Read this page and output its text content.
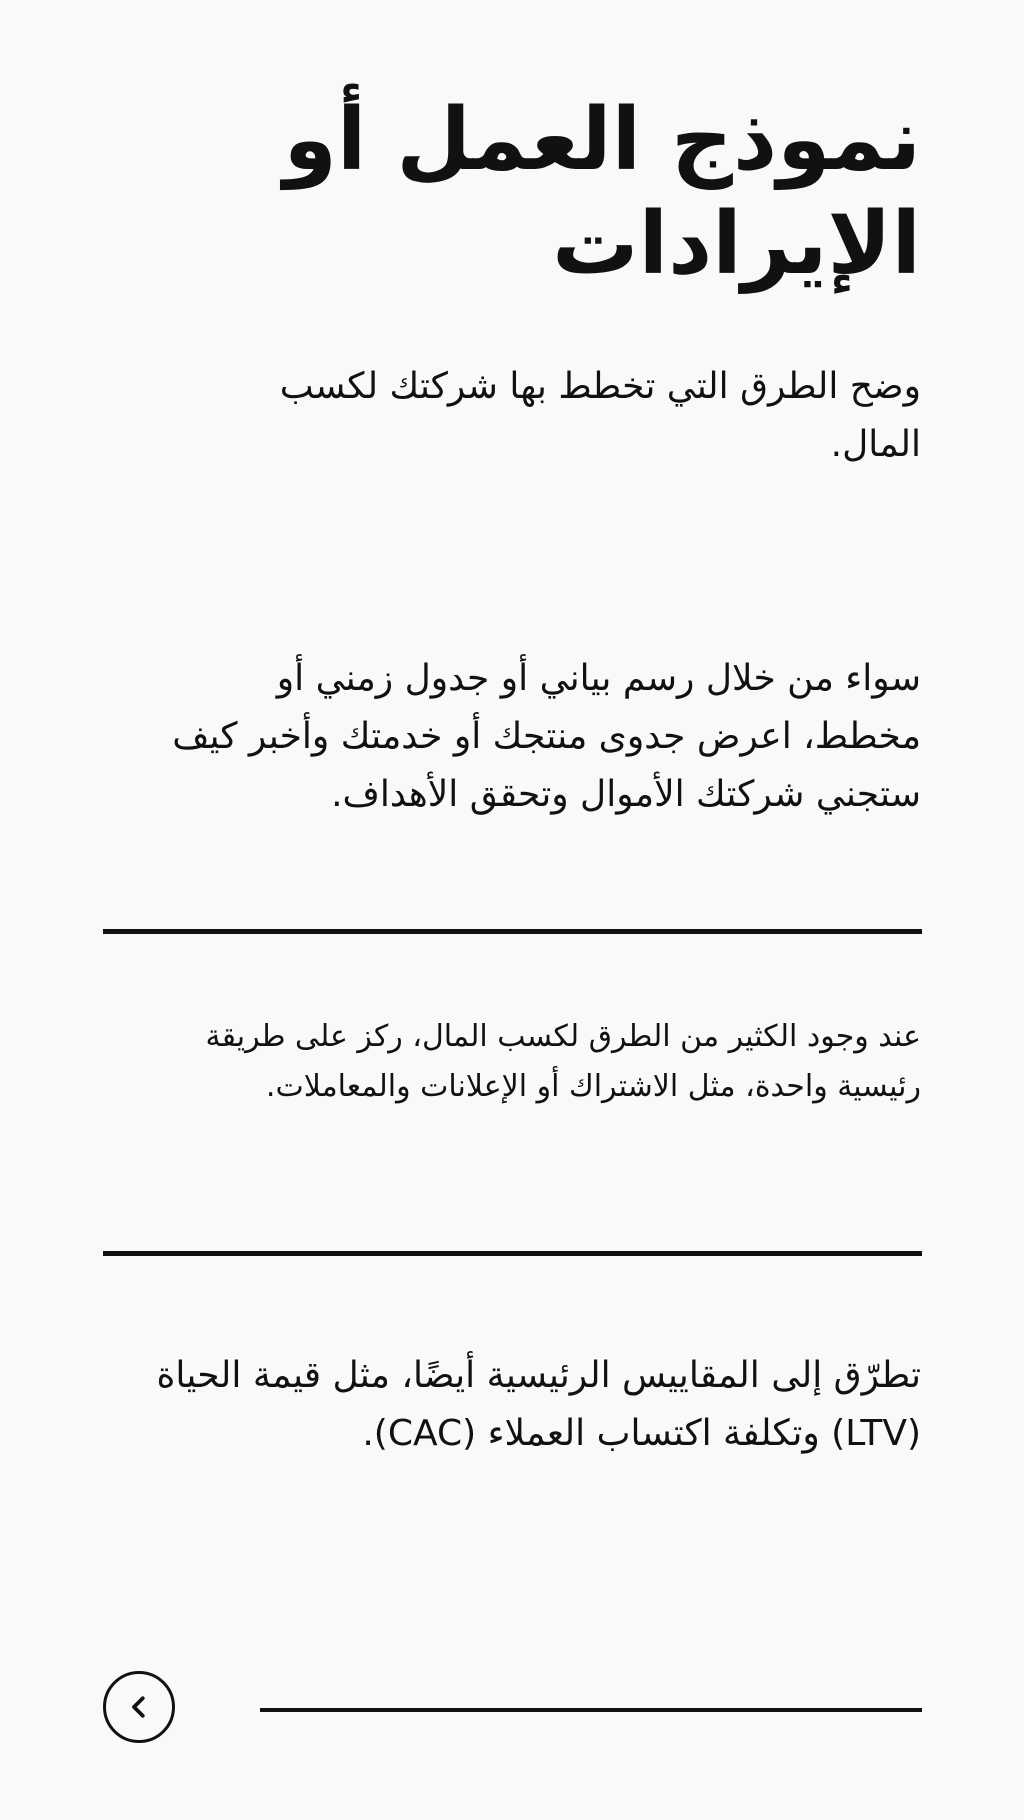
نموذج العمل أو الإيرادات

وضح الطرق التي تخطط بها شركتك لكسب المال.

سواء من خلال رسم بياني أو جدول زمني أو مخطط، اعرض جدوى منتجك أو خدمتك وأخبر كيف ستجني شركتك الأموال وتحقق الأهداف.

عند وجود الكثير من الطرق لكسب المال، ركز على طريقة رئيسية واحدة، مثل الاشتراك أو الإعلانات والمعاملات.

تطرّق إلى المقاييس الرئيسية أيضًا، مثل قيمة الحياة (LTV) وتكلفة اكتساب العملاء (CAC).
